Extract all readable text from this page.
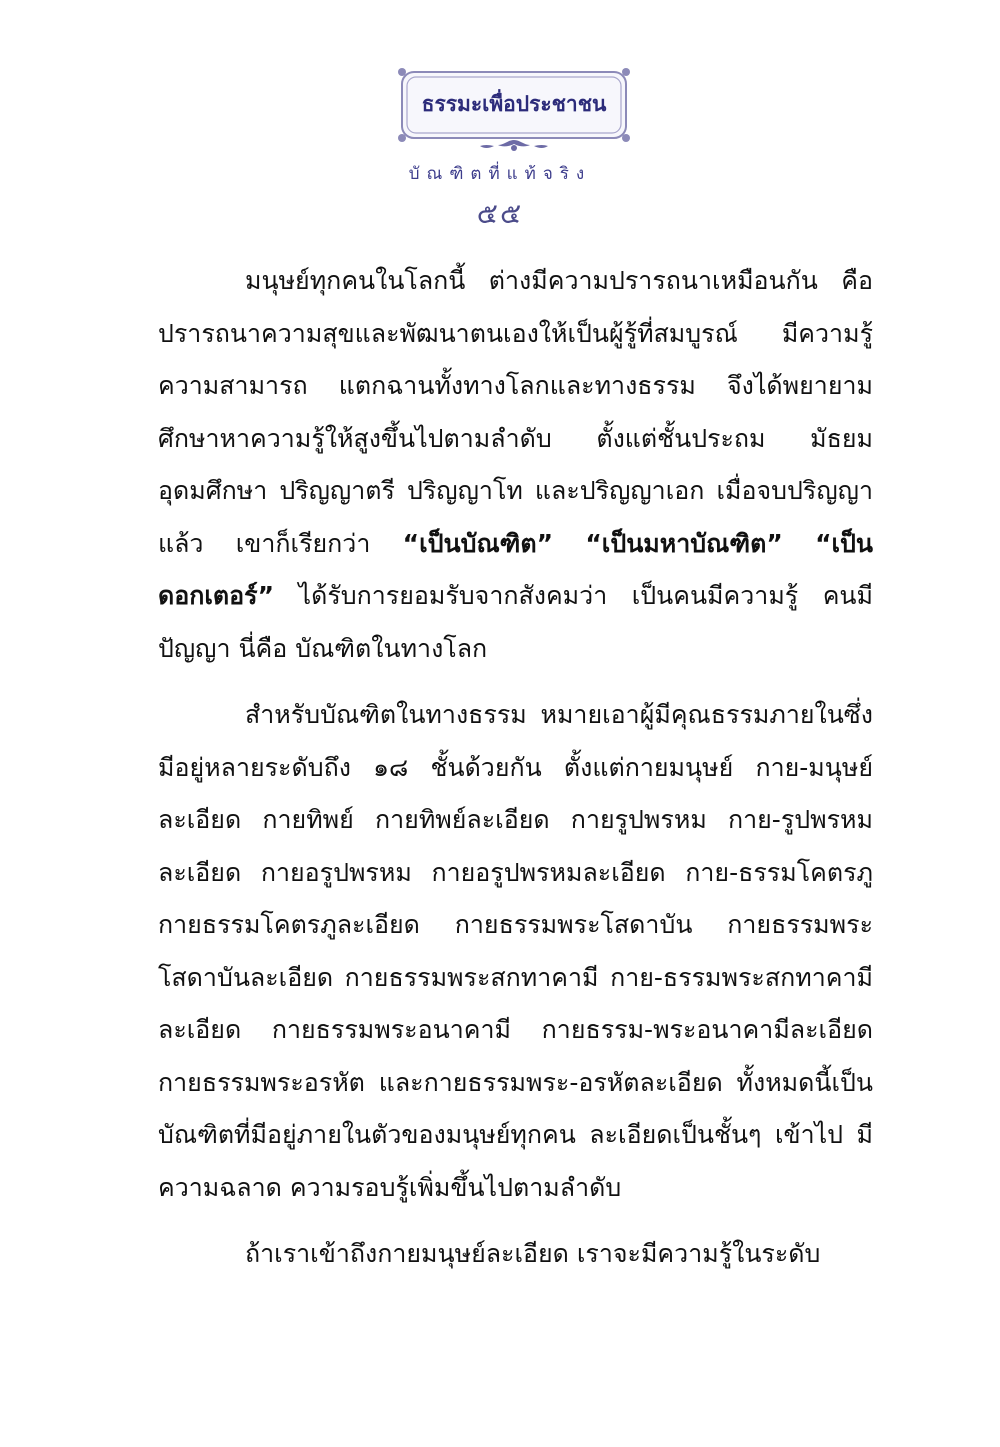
ธรรมะเพื่อประชาชน
บัณฑิตที่แท้จริง
๕๕

มนุษย์ทุกคนในโลกนี้ ต่างมีความปรารถนาเหมือนกัน คือ ปรารถนาความสุขและพัฒนาตนเองให้เป็นผู้รู้ที่สมบูรณ์ มีความรู้ความสามารถ แตกฉานทั้งทางโลกและทางธรรม จึงได้พยายามศึกษาหาความรู้ให้สูงขึ้นไปตามลำดับ ตั้งแต่ชั้นประถม มัธยม อุดมศึกษา ปริญญาตรี ปริญญาโท และปริญญาเอก เมื่อจบปริญญาแล้ว เขาก็เรียกว่า “เป็นบัณฑิต” “เป็นมหาบัณฑิต” “เป็นดอกเตอร์” ได้รับการยอมรับจากสังคมว่า เป็นคนมีความรู้ คนมีปัญญา นี่คือ บัณฑิตในทางโลก

สำหรับบัณฑิตในทางธรรม หมายเอาผู้มีคุณธรรมภายในซึ่งมีอยู่หลายระดับถึง ๑๘ ชั้นด้วยกัน ตั้งแต่กายมนุษย์ กาย-มนุษย์ละเอียด กายทิพย์ กายทิพย์ละเอียด กายรูปพรหม กาย-รูปพรหมละเอียด กายอรูปพรหม กายอรูปพรหมละเอียด กาย-ธรรมโคตรภู กายธรรมโคตรภูละเอียด กายธรรมพระโสดาบัน กายธรรมพระโสดาบันละเอียด กายธรรมพระสกทาคามี กาย-ธรรมพระสกทาคามีละเอียด กายธรรมพระอนาคามี กายธรรม-พระอนาคามีละเอียด กายธรรมพระอรหัต และกายธรรมพระ-อรหัตละเอียด ทั้งหมดนี้เป็นบัณฑิตที่มีอยู่ภายในตัวของมนุษย์ทุกคน ละเอียดเป็นชั้นๆ เข้าไป มีความฉลาด ความรอบรู้เพิ่มขึ้นไปตามลำดับ

ถ้าเราเข้าถึงกายมนุษย์ละเอียด เราจะมีความรู้ในระดับ
